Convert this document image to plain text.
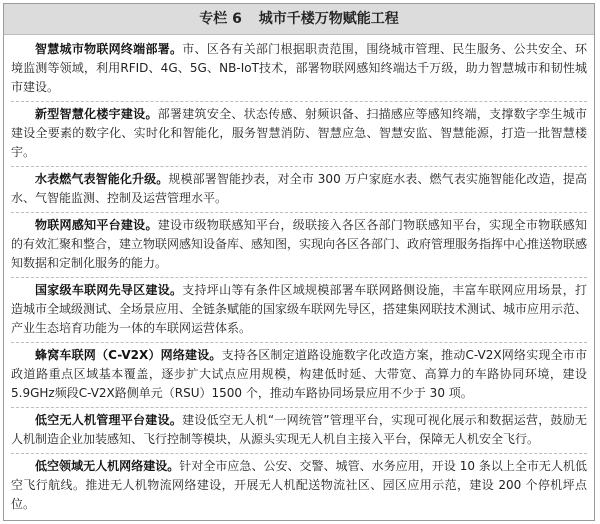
专栏 6 城市千楼万物赋能工程
智慧城市物联网终端部署。市、区各有关部门根据职责范围，围绕城市管理、民生服务、公共安全、环境监测等领域，利用RFID、4G、5G、NB-IoT技术，部署物联网感知终端达千万级，助力智慧城市和韧性城市建设。
新型智慧化楼宇建设。部署建筑安全、状态传感、射频识备、扫描感应等感知终端，支撑数字孪生城市建设全要素的数字化、实时化和智能化，服务智慧消防、智慧应急、智慧安监、智慧能源，打造一批智慧楼宇。
水表燃气表智能化升级。规模部署智能抄表，对全市 300 万户家庭水表、燃气表实施智能化改造，提高水、气智能监测、控制及运营管理水平。
物联网感知平台建设。建设市级物联感知平台，级联接入各区各部门物联感知平台，实现全市物联感知的有效汇聚和整合，建立物联网感知设备库、感知图，实现向各区各部门、政府管理服务指挥中心推送物联感知数据和定制化服务的能力。
国家级车联网先导区建设。支持坪山等有条件区域规模部署车联网路侧设施，丰富车联网应用场景，打造城市全域级测试、全场景应用、全链条赋能的国家级车联网先导区，搭建集网联技术测试、城市应用示范、产业生态培育功能为一体的车联网运营体系。
蜂窝车联网（C-V2X）网络建设。支持各区制定道路设施数字化改造方案，推动C-V2X网络实现全市市政道路重点区域基本覆盖，逐步扩大试点应用规模，构建低时延、大带宽、高算力的车路协同环境，建设 5.9GHz频段C-V2X路侧单元（RSU）1500 个，推动车路协同场景应用不少于 30 项。
低空无人机管理平台建设。建设低空无人机“一网统管”管理平台，实现可视化展示和数据运营，鼓励无人机制造企业加装感知、飞行控制等模块，从源头实现无人机自主接入平台，保障无人机安全飞行。
低空领域无人机网络建设。针对全市应急、公安、交警、城管、水务应用，开设 10 条以上全市无人机低空飞行航线。推进无人机物流网络建设，开展无人机配送物流社区、园区应用示范，建设 200 个停机坪点位。
